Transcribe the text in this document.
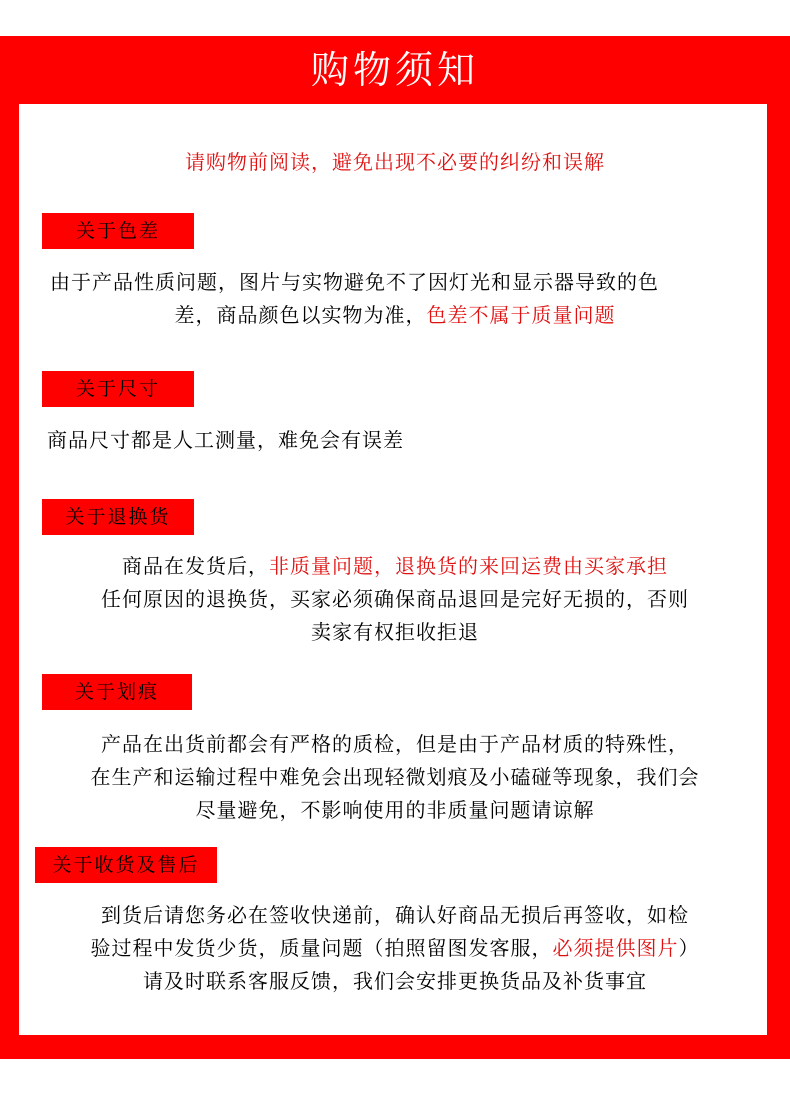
购物须知
请购物前阅读，避免出现不必要的纠纷和误解
关于色差
由于产品性质问题，图片与实物避免不了因灯光和显示器导致的色
差，商品颜色以实物为准，色差不属于质量问题
关于尺寸
商品尺寸都是人工测量，难免会有误差
关于退换货
商品在发货后，非质量问题，退换货的来回运费由买家承担
任何原因的退换货，买家必须确保商品退回是完好无损的，否则
卖家有权拒收拒退
关于划痕
产品在出货前都会有严格的质检，但是由于产品材质的特殊性，
在生产和运输过程中难免会出现轻微划痕及小磕碰等现象，我们会
尽量避免，不影响使用的非质量问题请谅解
关于收货及售后
到货后请您务必在签收快递前，确认好商品无损后再签收，如检
验过程中发货少货，质量问题（拍照留图发客服，必须提供图片）
请及时联系客服反馈，我们会安排更换货品及补货事宜
